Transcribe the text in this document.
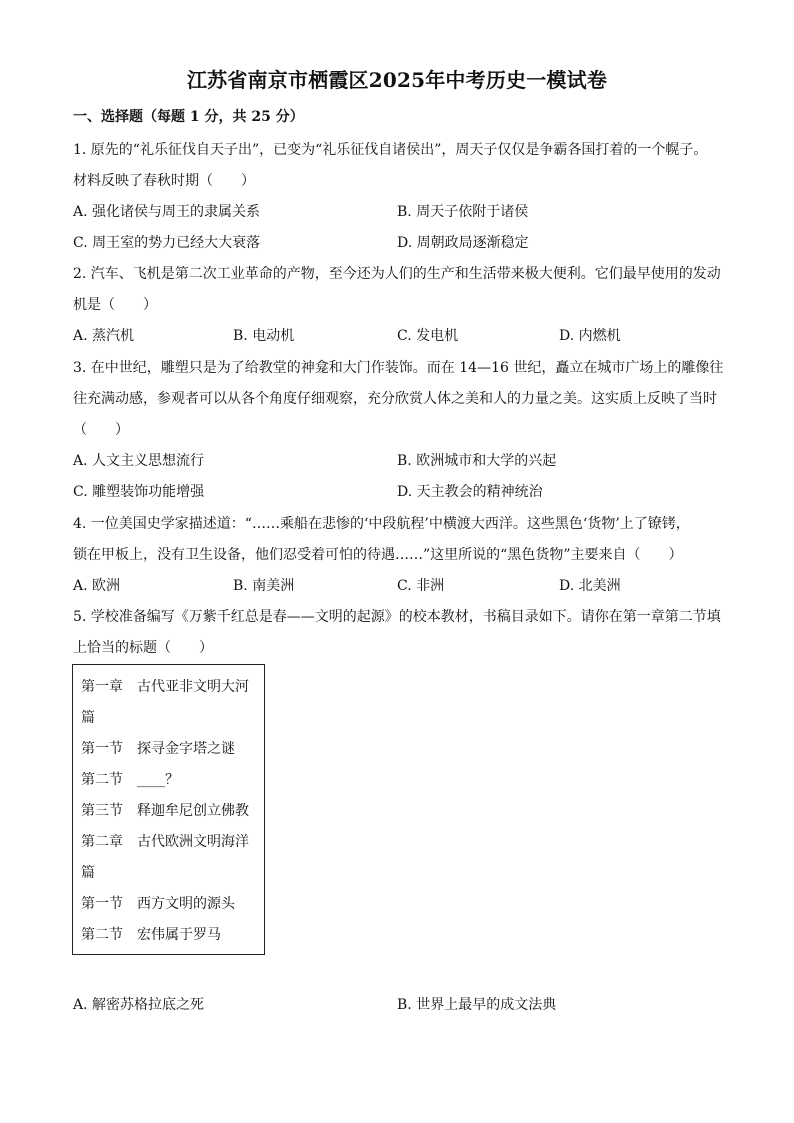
江苏省南京市栖霞区2025年中考历史一模试卷
一、选择题（每题 1 分，共 25 分）
1. 原先的“礼乐征伐自天子出”，已变为“礼乐征伐自诸侯出”，周天子仅仅是争霸各国打着的一个幌子。
材料反映了春秋时期（　　）
A. 强化诸侯与周王的隶属关系	B. 周天子依附于诸侯
C. 周王室的势力已经大大衰落	D. 周朝政局逐渐稳定
2. 汽车、飞机是第二次工业革命的产物，至今还为人们的生产和生活带来极大便利。它们最早使用的发动
机是（　　）
A. 蒸汽机	B. 电动机	C. 发电机	D. 内燃机
3. 在中世纪，雕塑只是为了给教堂的神龛和大门作装饰。而在 14—16 世纪，矗立在城市广场上的雕像往
往充满动感，参观者可以从各个角度仔细观察，充分欣赏人体之美和人的力量之美。这实质上反映了当时
（　　）
A. 人文主义思想流行	B. 欧洲城市和大学的兴起
C. 雕塑装饰功能增强	D. 天主教会的精神统治
4. 一位美国史学家描述道：“……乘船在悲惨的‘中段航程’中横渡大西洋。这些黑色‘货物’上了镣铐，
锁在甲板上，没有卫生设备，他们忍受着可怕的待遇……”这里所说的“黑色货物”主要来自（　　）
A. 欧洲	B. 南美洲	C. 非洲	D. 北美洲
5. 学校准备编写《万紫千红总是春——文明的起源》的校本教材，书稿目录如下。请你在第一章第二节填
上恰当的标题（　　）
第一章　古代亚非文明大河
篇
第一节　探寻金字塔之谜
第二节　____？
第三节　释迦牟尼创立佛教
第二章　古代欧洲文明海洋
篇
第一节　西方文明的源头
第二节　宏伟属于罗马
A. 解密苏格拉底之死	B. 世界上最早的成文法典
